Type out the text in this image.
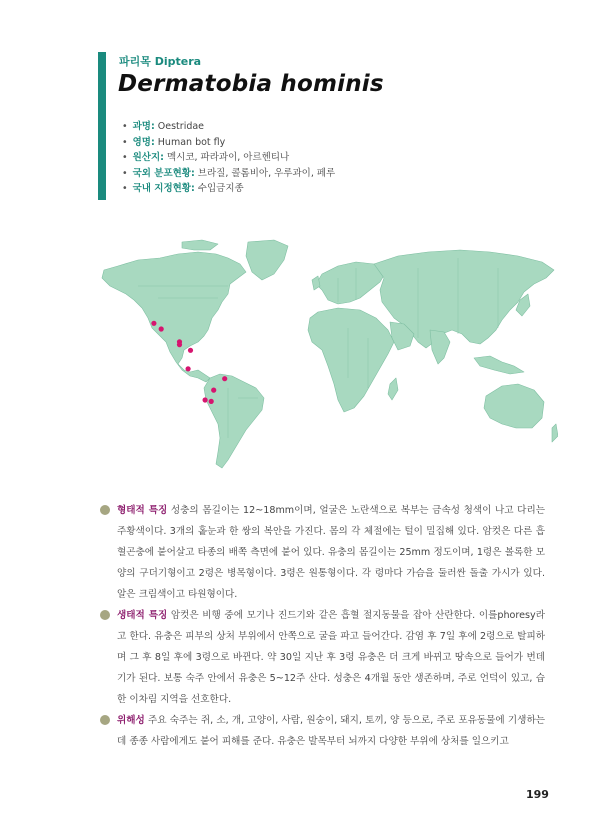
파리목 Diptera
Dermatobia hominis
• 과명: Oestridae
• 영명: Human bot fly
• 원산지: 멕시코, 파라과이, 아르헨티나
• 국외 분포현황: 브라질, 콜롬비아, 우루과이, 페루
• 국내 지정현황: 수입금지종

형태적 특징 성충의 몸길이는 12~18mm이며, 얼굴은 노란색으로 복부는 금속성 청색이 나고 다리는 주황색이다. 3개의 홑눈과 한 쌍의 복안을 가진다. 몸의 각 체절에는 털이 밀집해 있다. 암컷은 다른 흡혈곤충에 붙어살고 타종의 배쪽 측면에 붙어 있다. 유충의 몸길이는 25mm 정도이며, 1령은 볼록한 모양의 구더기형이고 2령은 병목형이다. 3령은 원통형이다. 각 령마다 가슴을 둘러싼 돌출 가시가 있다. 알은 크림색이고 타원형이다.

생태적 특징 암컷은 비행 중에 모기나 진드기와 같은 흡혈 절지동물을 잡아 산란한다. 이를phoresy라고 한다. 유충은 피부의 상처 부위에서 안쪽으로 굴을 파고 들어간다. 감염 후 7일 후에 2령으로 탈피하며 그 후 8일 후에 3령으로 바뀐다. 약 30일 지난 후 3령 유충은 더 크게 바뀌고 땅속으로 들어가 번데기가 된다. 보통 숙주 안에서 유충은 5~12주 산다. 성충은 4개월 동안 생존하며, 주로 언덕이 있고, 습한 이차림 지역을 선호한다.

위해성 주요 숙주는 쥐, 소, 개, 고양이, 사람, 원숭이, 돼지, 토끼, 양 등으로, 주로 포유동물에 기생하는데 종종 사람에게도 붙어 피해를 준다. 유충은 발목부터 뇌까지 다양한 부위에 상처를 일으키고

199
